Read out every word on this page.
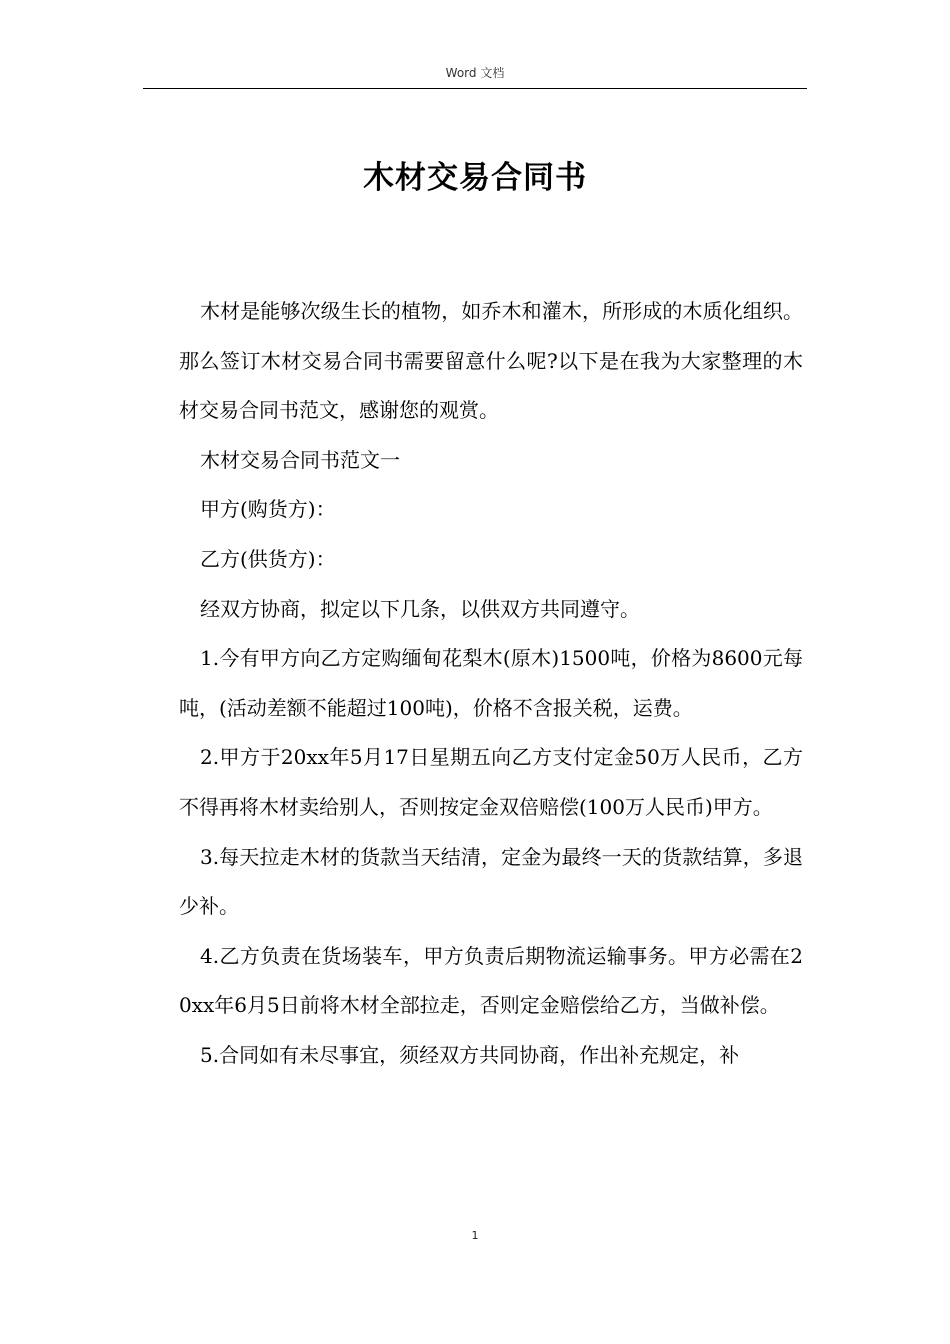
Word 文档
木材交易合同书

木材是能够次级生长的植物，如乔木和灌木，所形成的木质化组织。那么签订木材交易合同书需要留意什么呢?以下是在我为大家整理的木材交易合同书范文，感谢您的观赏。

木材交易合同书范文一

甲方(购货方)：

乙方(供货方)：

经双方协商，拟定以下几条，以供双方共同遵守。

1.今有甲方向乙方定购缅甸花梨木(原木)1500吨，价格为8600元每吨，(活动差额不能超过100吨)，价格不含报关税，运费。

2.甲方于20xx年5月17日星期五向乙方支付定金50万人民币，乙方不得再将木材卖给别人，否则按定金双倍赔偿(100万人民币)甲方。

3.每天拉走木材的货款当天结清，定金为最终一天的货款结算，多退少补。

4.乙方负责在货场装车，甲方负责后期物流运输事务。甲方必需在20xx年6月5日前将木材全部拉走，否则定金赔偿给乙方，当做补偿。

5.合同如有未尽事宜，须经双方共同协商，作出补充规定，补

1
